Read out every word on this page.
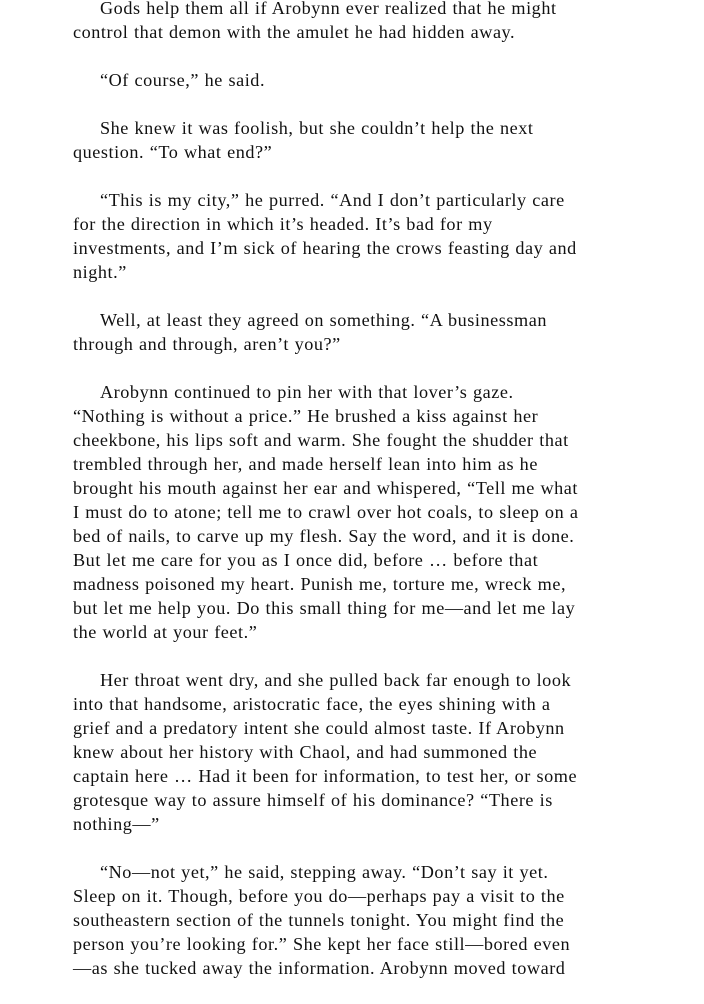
Gods help them all if Arobynn ever realized that he might
control that demon with the amulet he had hidden away.

“Of course,” he said.

She knew it was foolish, but she couldn’t help the next
question. “To what end?”

“This is my city,” he purred. “And I don’t particularly care
for the direction in which it’s headed. It’s bad for my
investments, and I’m sick of hearing the crows feasting day and
night.”

Well, at least they agreed on something. “A businessman
through and through, aren’t you?”

Arobynn continued to pin her with that lover’s gaze.
“Nothing is without a price.” He brushed a kiss against her
cheekbone, his lips soft and warm. She fought the shudder that
trembled through her, and made herself lean into him as he
brought his mouth against her ear and whispered, “Tell me what
I must do to atone; tell me to crawl over hot coals, to sleep on a
bed of nails, to carve up my flesh. Say the word, and it is done.
But let me care for you as I once did, before … before that
madness poisoned my heart. Punish me, torture me, wreck me,
but let me help you. Do this small thing for me—and let me lay
the world at your feet.”

Her throat went dry, and she pulled back far enough to look
into that handsome, aristocratic face, the eyes shining with a
grief and a predatory intent she could almost taste. If Arobynn
knew about her history with Chaol, and had summoned the
captain here … Had it been for information, to test her, or some
grotesque way to assure himself of his dominance? “There is
nothing—”

“No—not yet,” he said, stepping away. “Don’t say it yet.
Sleep on it. Though, before you do—perhaps pay a visit to the
southeastern section of the tunnels tonight. You might find the
person you’re looking for.” She kept her face still—bored even
—as she tucked away the information. Arobynn moved toward
